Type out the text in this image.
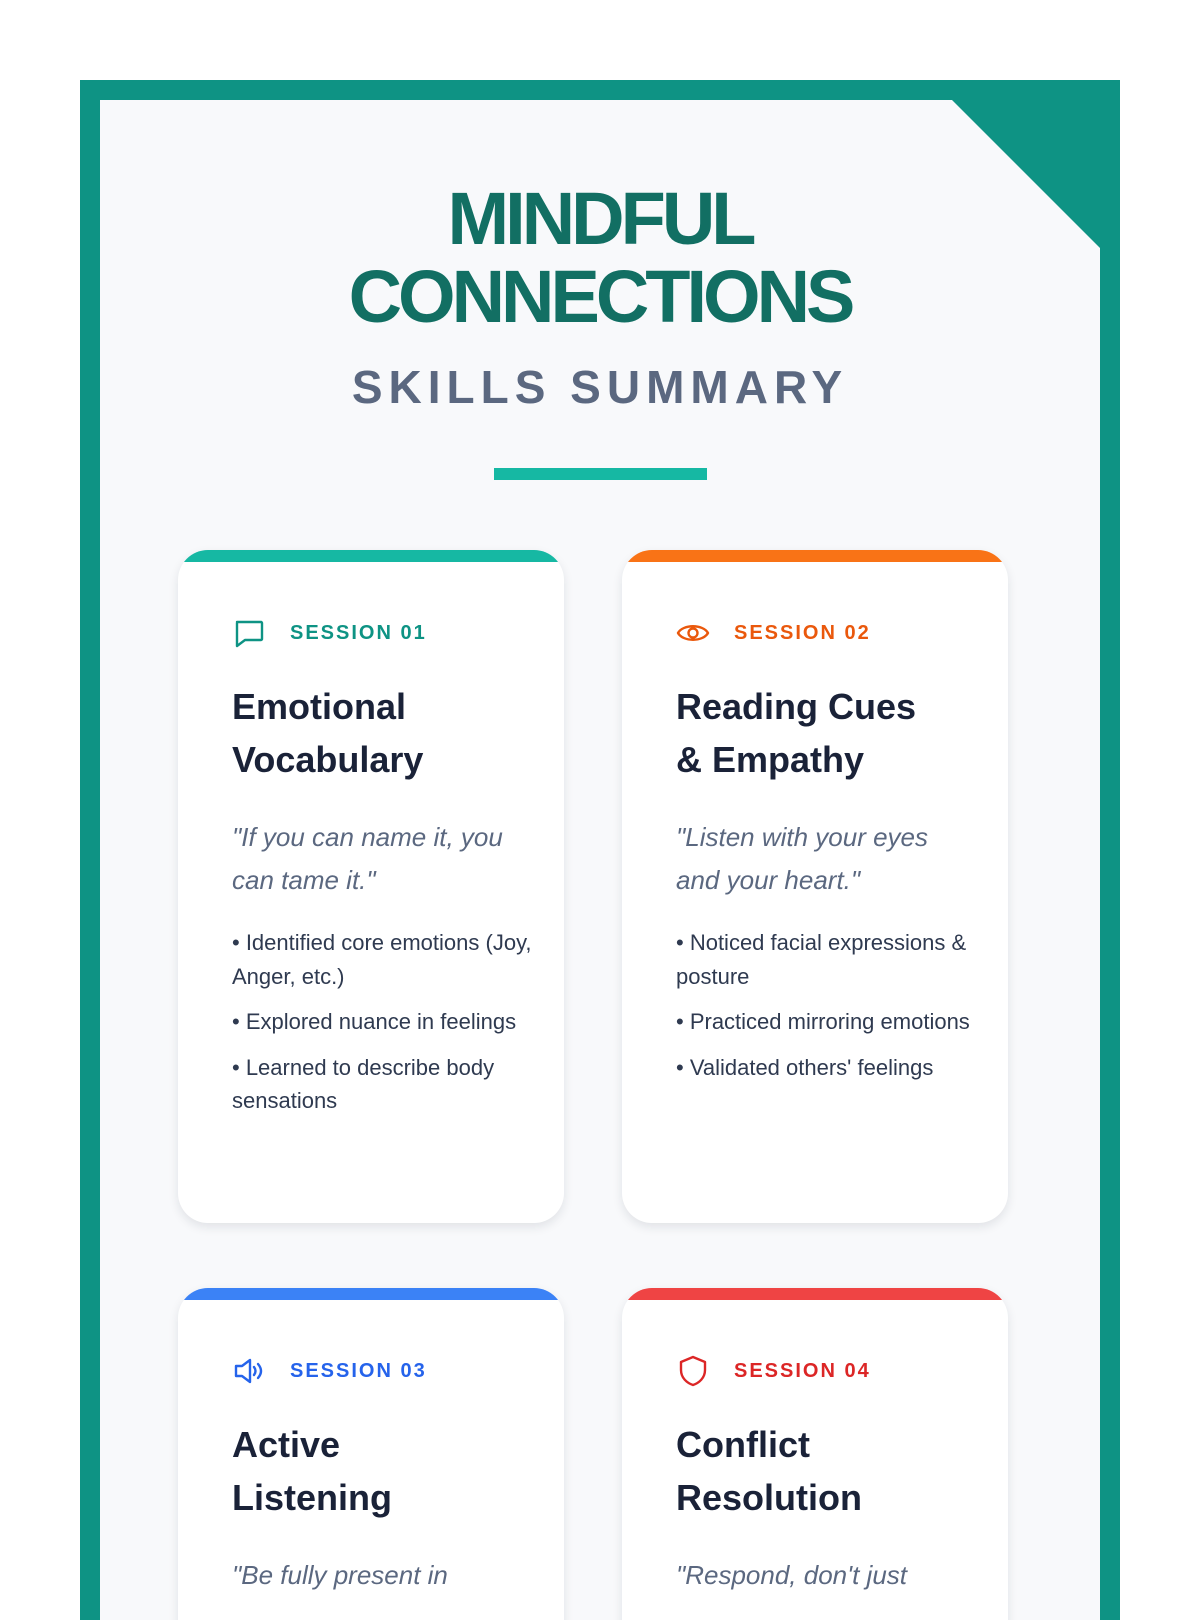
MINDFUL
CONNECTIONS
SKILLS SUMMARY
SESSION 01
Emotional
Vocabulary
"If you can name it, you can tame it."
• Identified core emotions (Joy, Anger, etc.)
• Explored nuance in feelings
• Learned to describe body sensations
SESSION 02
Reading Cues
& Empathy
"Listen with your eyes and your heart."
• Noticed facial expressions & posture
• Practiced mirroring emotions
• Validated others' feelings
SESSION 03
Active
Listening
"Be fully present in
SESSION 04
Conflict
Resolution
"Respond, don't just
